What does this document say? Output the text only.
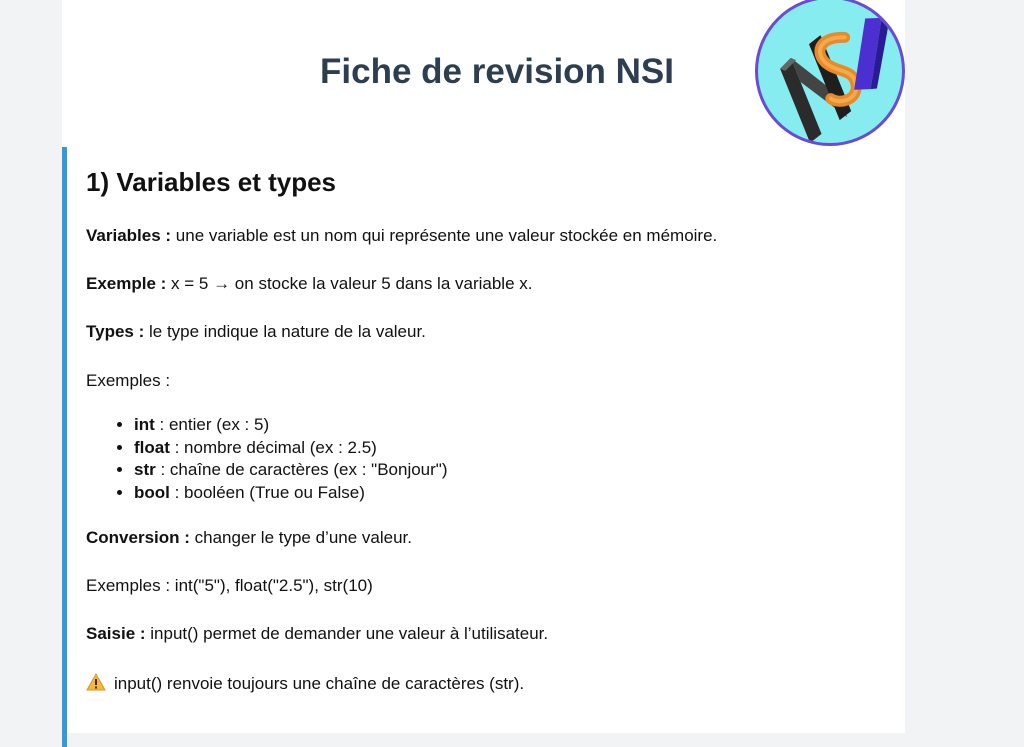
Fiche de revision NSI
1) Variables et types

Variables : une variable est un nom qui représente une valeur stockée en mémoire.

Exemple : x = 5 → on stocke la valeur 5 dans la variable x.

Types : le type indique la nature de la valeur.

Exemples :

• int : entier (ex : 5)
• float : nombre décimal (ex : 2.5)
• str : chaîne de caractères (ex : "Bonjour")
• bool : booléen (True ou False)

Conversion : changer le type d’une valeur.

Exemples : int("5"), float("2.5"), str(10)

Saisie : input() permet de demander une valeur à l’utilisateur.

input() renvoie toujours une chaîne de caractères (str).
